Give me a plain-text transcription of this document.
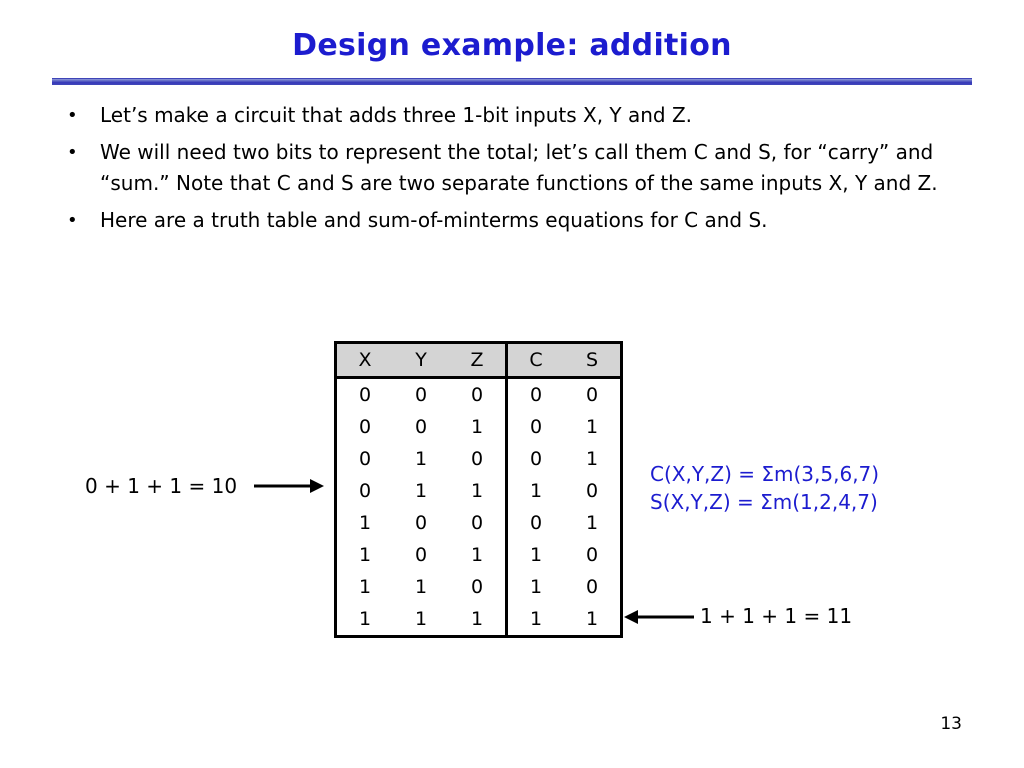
Design example: addition
• Let’s make a circuit that adds three 1-bit inputs X, Y and Z.
• We will need two bits to represent the total; let’s call them C and S, for “carry” and “sum.” Note that C and S are two separate functions of the same inputs X, Y and Z.
• Here are a truth table and sum-of-minterms equations for C and S.
X	Y	Z	C	S
0	0	0	0	0
0	0	1	0	1
0	1	0	0	1
0	1	1	1	0
1	0	0	0	1
1	0	1	1	0
1	1	0	1	0
1	1	1	1	1
C(X,Y,Z) = Σm(3,5,6,7)
S(X,Y,Z) = Σm(1,2,4,7)
0 + 1 + 1 = 10
1 + 1 + 1 = 11
13
